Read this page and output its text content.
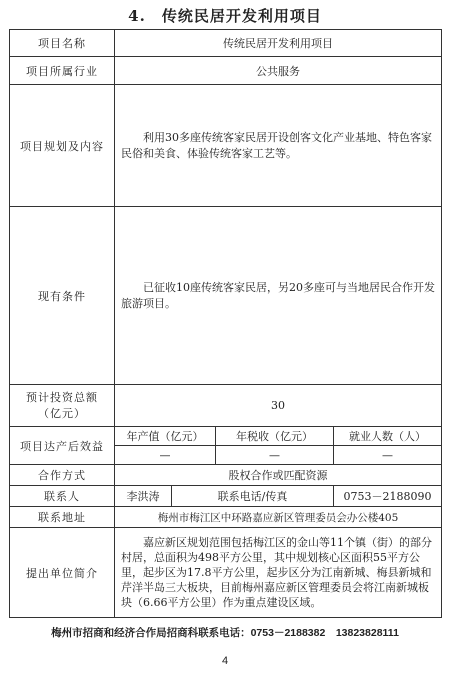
4.　传统民居开发利用项目
项目名称	传统民居开发利用项目			
项目所属行业	公共服务			
项目规划及内容	利用30多座传统客家民居开设创客文化产业基地、特色客家民俗和美食、体验传统客家工艺等。			
现有条件	已征收10座传统客家民居，另20多座可与当地居民合作开发旅游项目。			
预计投资总额（亿元）	30			
项目达产后效益	年产值（亿元）		年税收（亿元）	就业人数（人）
	—		—	—
合作方式	股权合作或匹配资源			
联系人	李洪涛	联系电话/传真		0753－2188090
联系地址	梅州市梅江区中环路嘉应新区管理委员会办公楼405			
提出单位简介	嘉应新区规划范围包括梅江区的金山等11个镇（街）的部分村居，总面积为498平方公里，其中规划核心区面积55平方公里，起步区为17.8平方公里，起步区分为江南新城、梅县新城和芹洋半岛三大板块，目前梅州嘉应新区管理委员会将江南新城板块（6.66平方公里）作为重点建设区域。			
梅州市招商和经济合作局招商科联系电话：0753－2188382　13823828111
4
